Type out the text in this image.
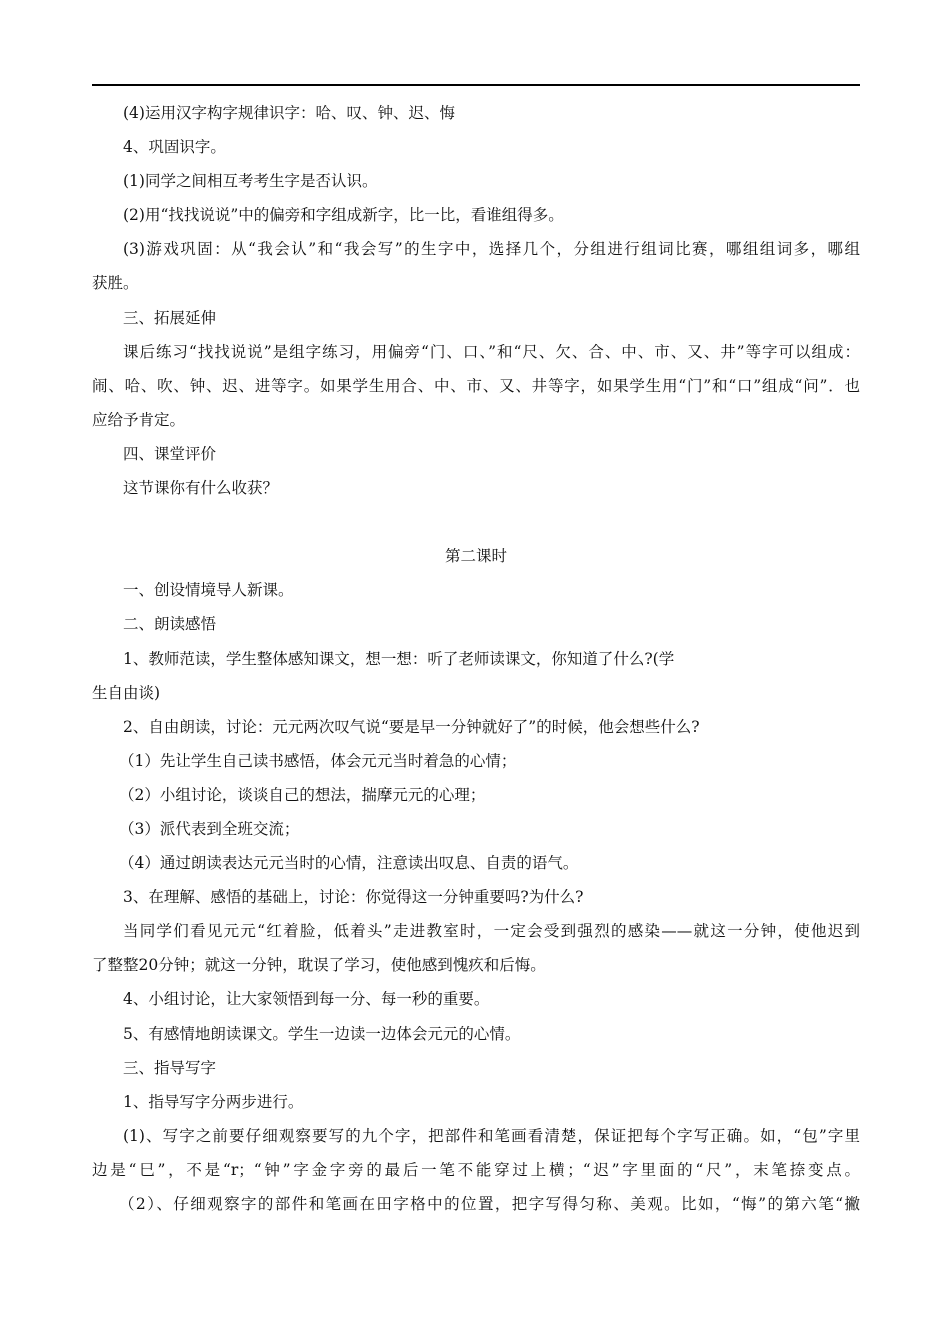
(4)运用汉字构字规律识字：哈、叹、钟、迟、悔
4、巩固识字。
(1)同学之间相互考考生字是否认识。
(2)用“找找说说”中的偏旁和字组成新字，比一比，看谁组得多。
(3)游戏巩固：从“我会认”和“我会写”的生字中，选择几个，分组进行组词比赛，哪组组词多，哪组
获胜。
三、拓展延伸
课后练习“找找说说”是组字练习，用偏旁“门、口、”和“尺、欠、合、中、市、又、井”等字可以组成：
闹、哈、吹、钟、迟、进等字。如果学生用合、中、市、又、井等字，如果学生用“门”和“口”组成“问”．也
应给予肯定。
四、课堂评价
这节课你有什么收获？
第二课时
一、创设情境导人新课。
二、朗读感悟
1、教师范读，学生整体感知课文，想一想：听了老师读课文，你知道了什么?(学
生自由谈)
2、自由朗读，讨论：元元两次叹气说“要是早一分钟就好了”的时候，他会想些什么?
（1）先让学生自己读书感悟，体会元元当时着急的心情；
（2）小组讨论，谈谈自己的想法，揣摩元元的心理；
（3）派代表到全班交流；
（4）通过朗读表达元元当时的心情，注意读出叹息、自责的语气。
3、在理解、感悟的基础上，讨论：你觉得这一分钟重要吗?为什么?
当同学们看见元元“红着脸，低着头”走进教室时，一定会受到强烈的感染——就这一分钟，使他迟到
了整整20分钟；就这一分钟，耽误了学习，使他感到愧疚和后悔。
4、小组讨论，让大家领悟到每一分、每一秒的重要。
5、有感情地朗读课文。学生一边读一边体会元元的心情。
三、指导写字
1、指导写字分两步进行。
(1)、写字之前要仔细观察要写的九个字，把部件和笔画看清楚，保证把每个字写正确。如，“包”字里
边是“巳”，不是“r；“钟”字金字旁的最后一笔不能穿过上横；“迟”字里面的“尺”，末笔捺变点。
（2）、仔细观察字的部件和笔画在田字格中的位置，把字写得匀称、美观。比如，“悔”的第六笔“撇
